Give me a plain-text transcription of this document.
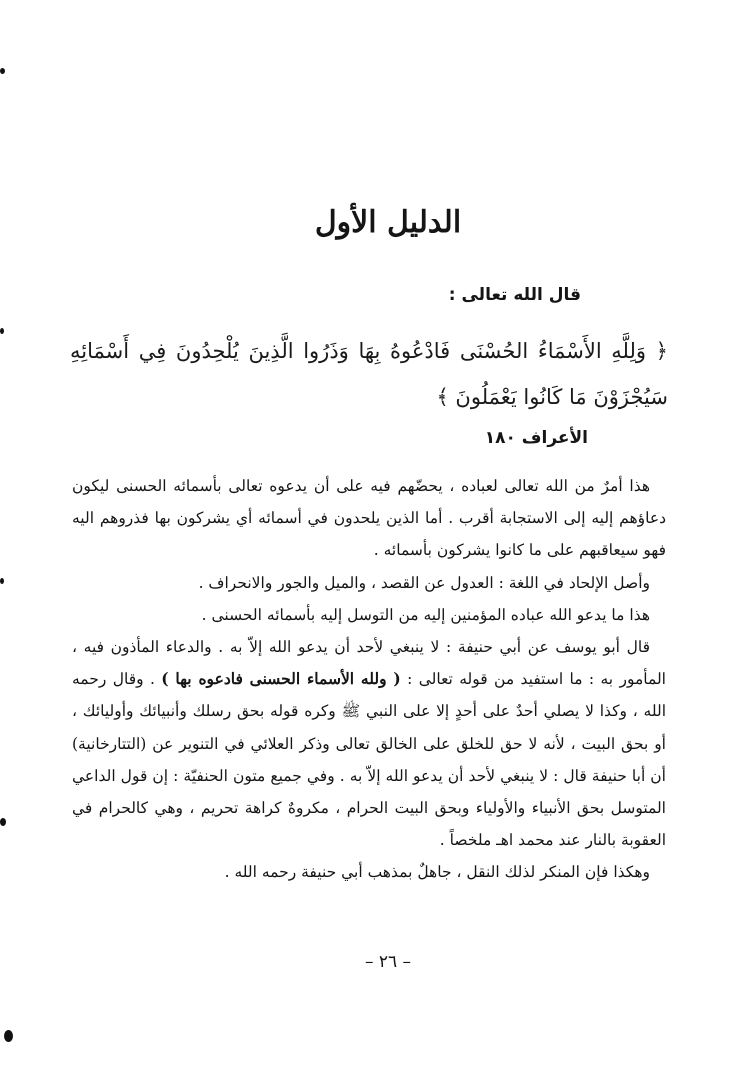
الدليل الأول
قال الله تعالى :
﴿ وَلِلَّهِ الأَسْمَاءُ الحُسْنَى فَادْعُوهُ بِهَا وَذَرُوا الَّذِينَ يُلْحِدُونَ فِي أَسْمَائِهِ سَيُجْزَوْنَ مَا كَانُوا يَعْمَلُونَ ﴾
الأعراف ١٨٠

هذا أمرٌ من الله تعالى لعباده ، يحضّهم فيه على أن يدعوه تعالى بأسمائه الحسنى ليكون دعاؤهم إليه إلى الاستجابة أقرب . أما الذين يلحدون في أسمائه أي يشركون بها فذروهم اليه فهو سيعاقبهم على ما كانوا يشركون بأسمائه .

وأصل الإلحاد في اللغة : العدول عن القصد ، والميل والجور والانحراف .

هذا ما يدعو الله عباده المؤمنين إليه من التوسل إليه بأسمائه الحسنى .

قال أبو يوسف عن أبي حنيفة : لا ينبغي لأحد أن يدعو الله إلاّ به . والدعاء المأذون فيه ، المأمور به : ما استفيد من قوله تعالى : ( ولله الأسماء الحسنى فادعوه بها ) . وقال رحمه الله ، وكذا لا يصلي أحدٌ على أحدٍ إلا على النبي ﷺ وكره قوله بحق رسلك وأنبيائك وأوليائك ، أو بحق البيت ، لأنه لا حق للخلق على الخالق تعالى وذكر العلائي في التنوير عن (التتارخانية) أن أبا حنيفة قال : لا ينبغي لأحد أن يدعو الله إلاّ به . وفي جميع متون الحنفيّة : إن قول الداعي المتوسل بحق الأنبياء والأولياء وبحق البيت الحرام ، مكروهٌ كراهة تحريم ، وهي كالحرام في العقوبة بالنار عند محمد اهـ ملخصاً .

وهكذا فإن المنكر لذلك النقل ، جاهلٌ بمذهب أبي حنيفة رحمه الله .

– ٢٦ –
